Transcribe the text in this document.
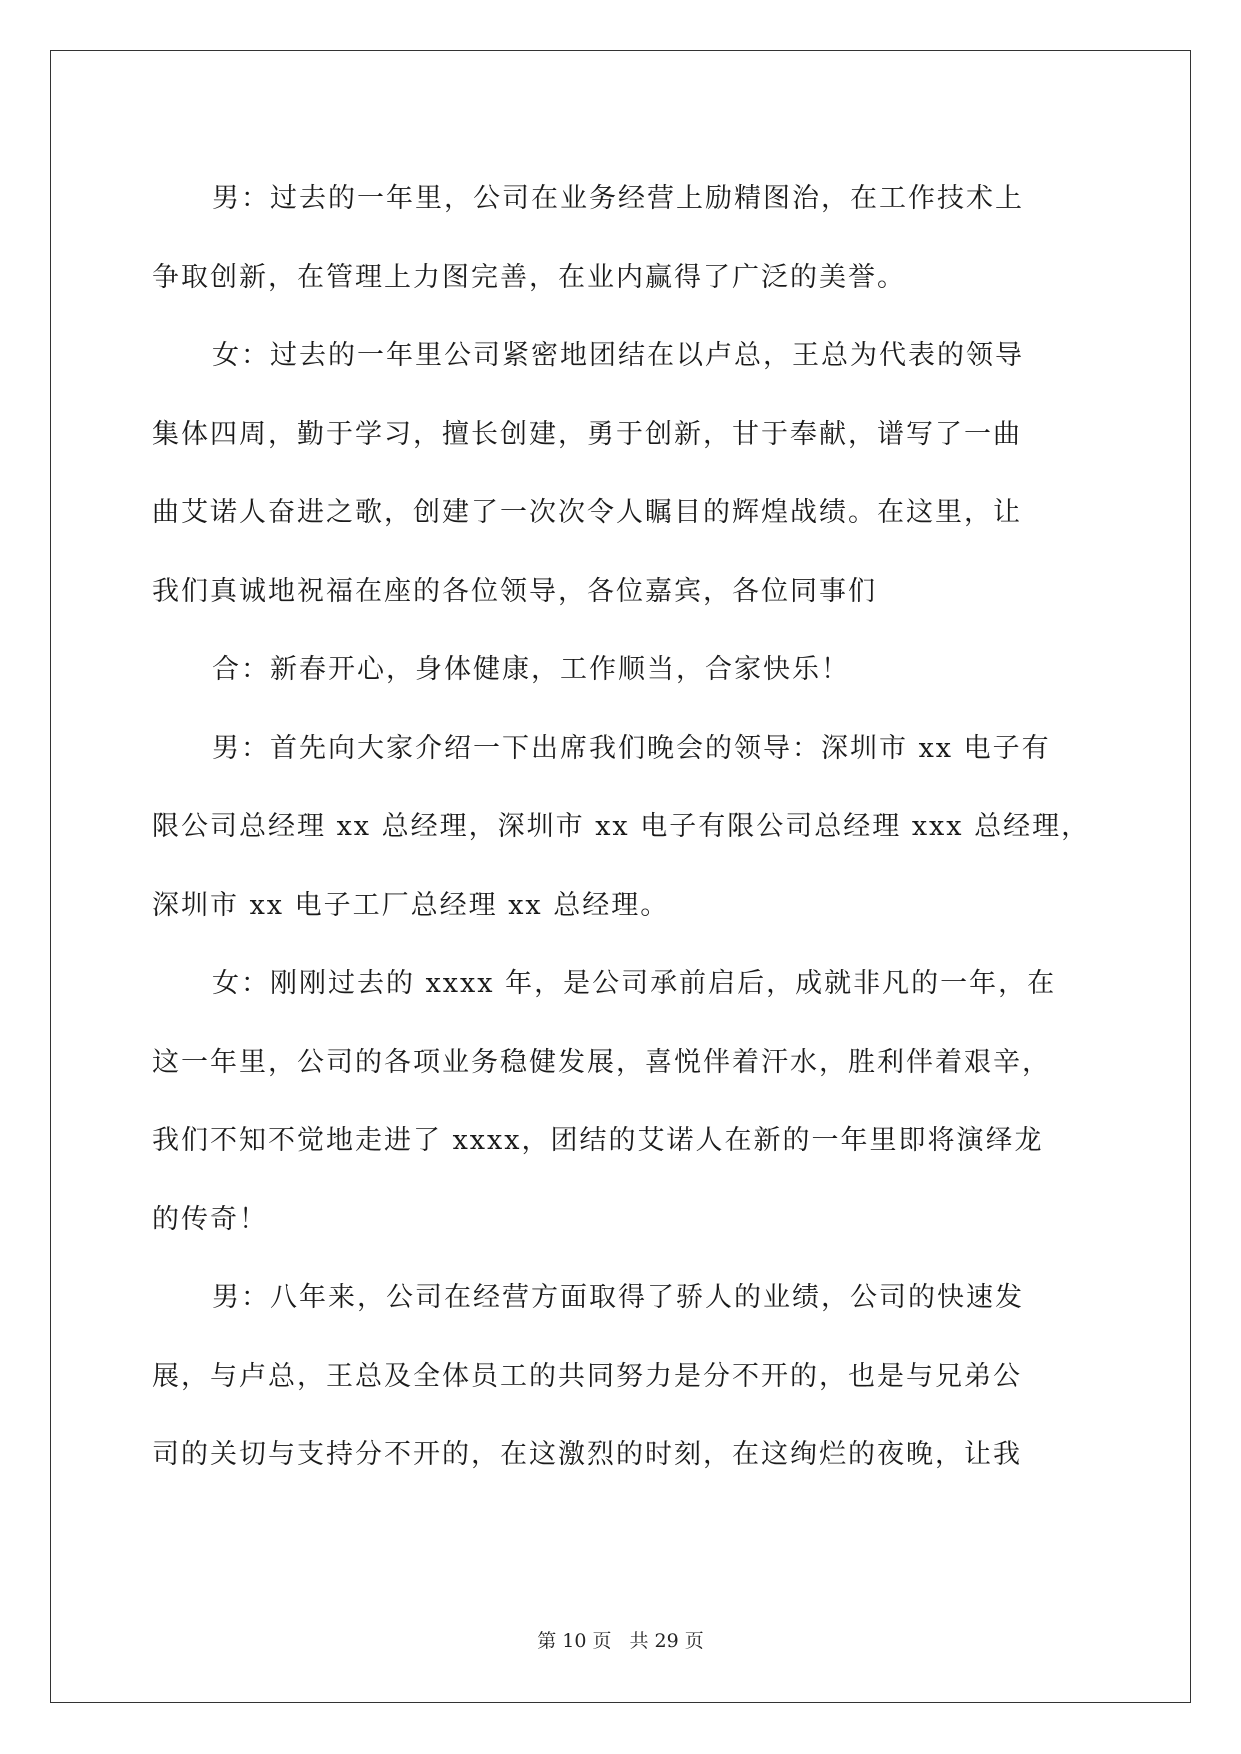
男：过去的一年里，公司在业务经营上励精图治，在工作技术上
争取创新，在管理上力图完善，在业内赢得了广泛的美誉。
女：过去的一年里公司紧密地团结在以卢总，王总为代表的领导
集体四周，勤于学习，擅长创建，勇于创新，甘于奉献，谱写了一曲
曲艾诺人奋进之歌，创建了一次次令人瞩目的辉煌战绩。在这里，让
我们真诚地祝福在座的各位领导，各位嘉宾，各位同事们
合：新春开心，身体健康，工作顺当，合家快乐！
男：首先向大家介绍一下出席我们晚会的领导：深圳市 xx 电子有
限公司总经理 xx 总经理，深圳市 xx 电子有限公司总经理 xxx 总经理，
深圳市 xx 电子工厂总经理 xx 总经理。
女：刚刚过去的 xxxx 年，是公司承前启后，成就非凡的一年，在
这一年里，公司的各项业务稳健发展，喜悦伴着汗水，胜利伴着艰辛，
我们不知不觉地走进了 xxxx，团结的艾诺人在新的一年里即将演绎龙
的传奇！
男：八年来，公司在经营方面取得了骄人的业绩，公司的快速发
展，与卢总，王总及全体员工的共同努力是分不开的，也是与兄弟公
司的关切与支持分不开的，在这激烈的时刻，在这绚烂的夜晚，让我
第 10 页 共 29 页
